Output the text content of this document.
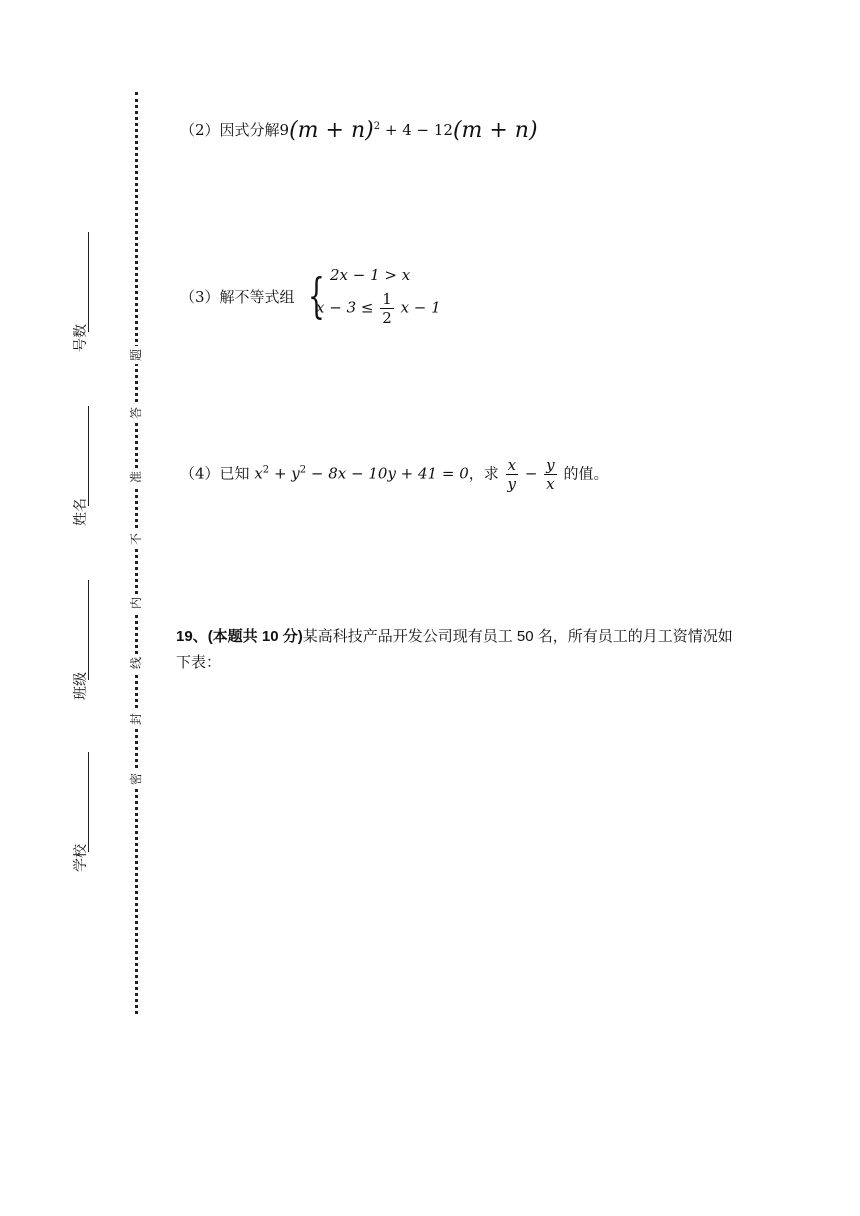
题
答
准
不
内
线
封
密
号数
姓名
班级
学校
（2）因式分解$9(m + n)^2 + 4 - 12(m + n)$
（3）解不等式组 { 2x − 1 > x
$x - 3 \le \frac{1}{2}$ x − 1
（4）已知 $x^2 + y^2 - 8x - 10y + 41 = 0$，求 $\frac{x}{y} - \frac{y}{x}$ 的值。
19、(本题共 10 分)某高科技产品开发公司现有员工 50 名，所有员工的月工资情况如下表：
